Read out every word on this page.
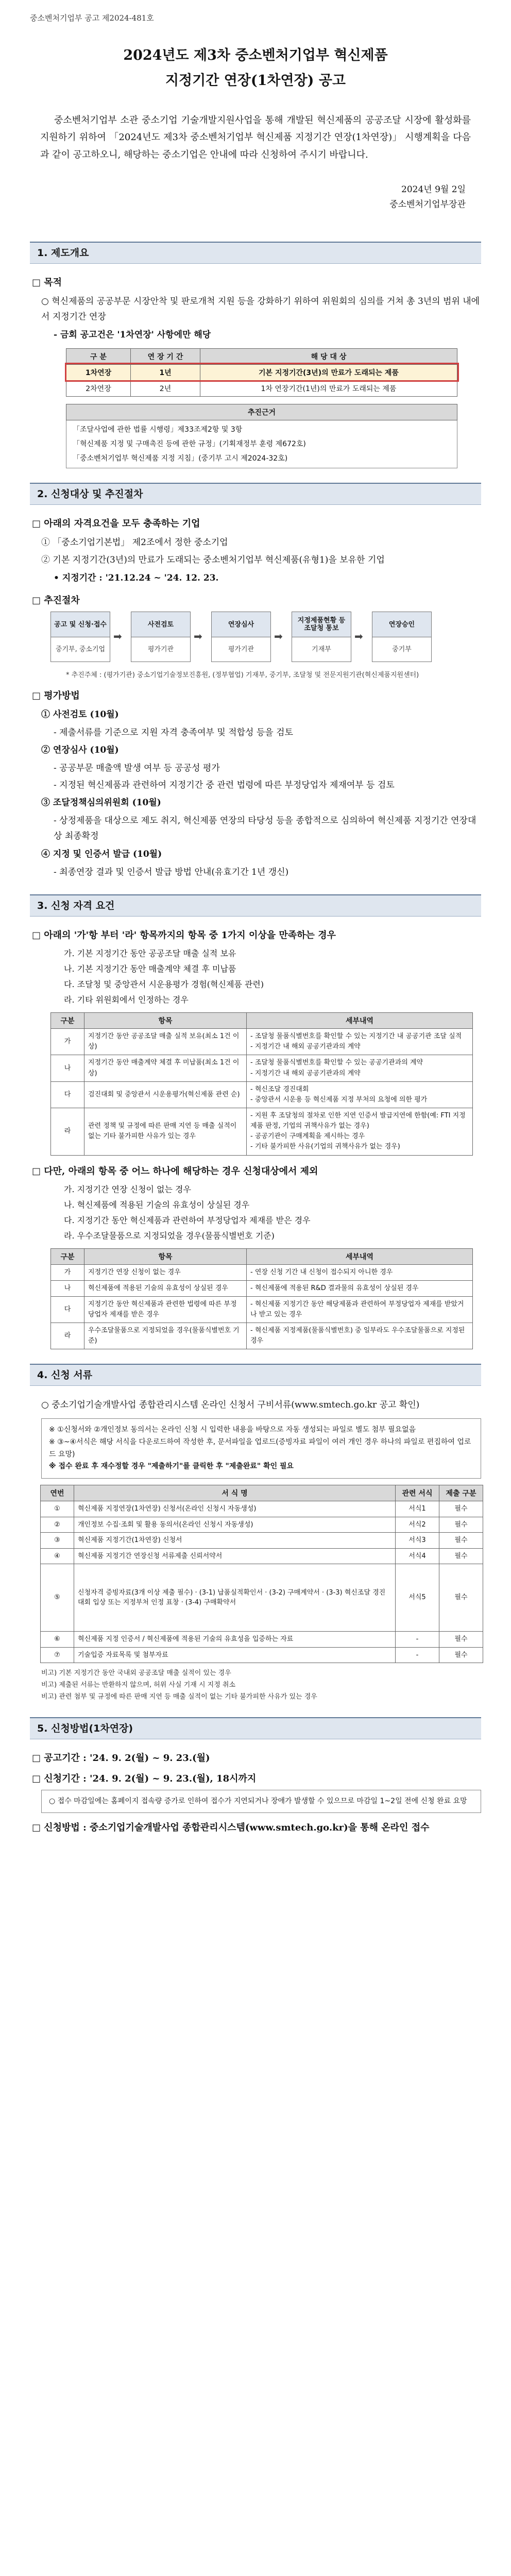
중소벤처기업부 공고 제2024-481호
2024년도 제3차 중소벤처기업부 혁신제품
지정기간 연장(1차연장) 공고
중소벤처기업부 소관 중소기업 기술개발지원사업을 통해 개발된 혁신제품의 공공조달 시장에 활성화를 지원하기 위하여 「2024년도 제3차 중소벤처기업부 혁신제품 지정기간 연장(1차연장)」 시행계획을 다음과 같이 공고하오니, 해당하는 중소기업은 안내에 따라 신청하여 주시기 바랍니다.
2024년 9월 2일
중소벤처기업부장관
1. 제도개요
□ 목적
○ 혁신제품의 공공부문 시장안착 및 판로개척 지원 등을 강화하기 위하여 위원회의 심의를 거쳐 총 3년의 범위 내에서 지정기간 연장
- 금회 공고건은 '1차연장' 사항에만 해당
구 분	연 장 기 간	해 당 대 상
1차연장	1년	기본 지정기간(3년)의 만료가 도래되는 제품
2차연장	2년	1차 연장기간(1년)의 만료가 도래되는 제품
추진근거

「조달사업에 관한 법률 시행령」제33조제2항 및 3항
「혁신제품 지정 및 구매촉진 등에 관한 규정」(기획재정부 훈령 제672호)
「중소벤처기업부 혁신제품 지정 지침」(중기부 고시 제2024-32호)
2. 신청대상 및 추진절차
□ 아래의 자격요건을 모두 충족하는 기업
① 「중소기업기본법」 제2조에서 정한 중소기업
② 기본 지정기간(3년)의 만료가 도래되는 중소벤처기업부 혁신제품(유형1)을 보유한 기업
• 지정기간 : '21.12.24 ~ '24. 12. 23.
□ 추진절차
공고 및 신청·접수
중기부, 중소기업
➡
사전검토
평가기관
➡
연장심사
평가기관
➡
지정제품현황 등 조달청 통보
기재부
➡
연장승인
중기부
* 추진주체 : (평가기관) 중소기업기술정보진흥원, (정부협업) 기재부, 중기부, 조달청 및 전문지원기관(혁신제품지원센터)
□ 평가방법
① 사전검토 (10월)
- 제출서류를 기준으로 지원 자격 충족여부 및 적합성 등을 검토
② 연장심사 (10월)
- 공공부문 매출액 발생 여부 등 공공성 평가
- 지정된 혁신제품과 관련하여 지정기간 중 관련 법령에 따른 부정당업자 제재여부 등 검토
③ 조달정책심의위원회 (10월)
- 상정제품을 대상으로 제도 취지, 혁신제품 연장의 타당성 등을 종합적으로 심의하여 혁신제품 지정기간 연장대상 최종확정
④ 지정 및 인증서 발급 (10월)
- 최종연장 결과 및 인증서 발급 방법 안내(유효기간 1년 갱신)
3. 신청 자격 요건
□ 아래의 '가'항 부터 '라' 항목까지의 항목 중 1가지 이상을 만족하는 경우
가. 기본 지정기간 동안 공공조달 매출 실적 보유
나. 기본 지정기간 동안 매출계약 체결 후 미납품
다. 조달청 및 중앙관서 시운용평가 경험(혁신제품 관련)
라. 기타 위원회에서 인정하는 경우
구분	항목	세부내역
가	지정기간 동안 공공조달 매출 실적 보유(최소 1건 이상)	- 조달청 물품식별번호를 확인할 수 있는 지정기간 내 공공기관 조달 실적
- 지정기간 내 해외 공공기관과의 계약
나	지정기간 동안 매출계약 체결 후 미납품(최소 1건 이상)	- 조달청 물품식별번호를 확인할 수 있는 공공기관과의 계약
- 지정기간 내 해외 공공기관과의 계약
다	검진대회 및 중앙관서 시운용평가(혁신제품 관련 순)	- 혁신조달 경진대회
- 중앙관서 시운용 등 혁신제품 지정 부처의 요청에 의한 평가
라	관련 정책 및 규정에 따른 판매 지연 등 매출 실적이 없는 기타 불가피한 사유가 있는 경우	- 지원 후 조달청의 절차로 인한 지연 인증서 발급지연에 한함(예: FTI 지정제품 판정, 기업의 귀책사유가 없는 경우)
- 공공기관이 구매계획을 제시하는 경우
- 기타 불가피한 사유(기업의 귀책사유가 없는 경우)
□ 다만, 아래의 항목 중 어느 하나에 해당하는 경우 신청대상에서 제외
가. 지정기간 연장 신청이 없는 경우
나. 혁신제품에 적용된 기술의 유효성이 상실된 경우
다. 지정기간 동안 혁신제품과 관련하여 부정당업자 제재를 받은 경우
라. 우수조달물품으로 지정되었을 경우(물품식별번호 기준)
구분	항목	세부내역
가	지정기간 연장 신청이 없는 경우	- 연장 신청 기간 내 신청이 접수되지 아니한 경우
나	혁신제품에 적용된 기술의 유효성이 상실된 경우	- 혁신제품에 적용된 R&D 결과물의 유효성이 상실된 경우
다	지정기간 동안 혁신제품과 관련한 법령에 따른 부정당업자 제재를 받은 경우	- 혁신제품 지정기간 동안 해당제품과 관련하여 부정당업자 제재를 받았거나 받고 있는 경우
라	우수조달물품으로 지정되었을 경우(물품식별번호 기준)	- 혁신제품 지정제품(물품식별번호) 중 일부라도 우수조달물품으로 지정된 경우
4. 신청 서류
○ 중소기업기술개발사업 종합관리시스템 온라인 신청서 구비서류(www.smtech.go.kr 공고 확인)
※ ①신청서와 ②개인정보 동의서는 온라인 신청 시 입력한 내용을 바탕으로 자동 생성되는 파일로 별도 첨부 필요없음
※ ③~④서식은 해당 서식을 다운로드하여 작성한 후, 문서파일을 업로드(증빙자료 파일이 여러 개인 경우 하나의 파일로 편집하여 업로드 요망)
※ 접수 완료 후 재수정할 경우 "제출하기"를 클릭한 후 "제출완료" 확인 필요
연번	서 식 명	관련 서식	제출 구분
①	혁신제품 지정연장(1차연장) 신청서(온라인 신청시 자동생성)	서식1	필수
②	개인정보 수집·조회 및 활용 동의서(온라인 신청시 자동생성)	서식2	필수
③	혁신제품 지정기간(1차연장) 신청서	서식3	필수
④	혁신제품 지정기간 연장신청 서류제출 신뢰서약서	서식4	필수
⑤	신청자격 증빙자료(3개 이상 제출 필수) · (3-1) 납품실적확인서 · (3-2) 구매계약서 · (3-3) 혁신조달 경진대회 입상 또는 지정부처 인정 표창 · (3-4) 구매확약서	서식5	필수
⑥	혁신제품 지정 인증서 / 혁신제품에 적용된 기술의 유효성을 입증하는 자료	-	필수
⑦	기술입증 자료목록 및 첨부자료	-	필수
비고) 기본 지정기간 동안 국내외 공공조달 매출 실적이 있는 경우
비고) 제출된 서류는 반환하지 않으며, 허위 사실 기재 시 지정 취소
비고) 관련 첨부 및 규정에 따른 판매 지연 등 매출 실적이 없는 기타 불가피한 사유가 있는 경우
5. 신청방법(1차연장)
□ 공고기간 : '24. 9. 2(월) ~ 9. 23.(월)
□ 신청기간 : '24. 9. 2(월) ~ 9. 23.(월), 18시까지
○ 접수 마감일에는 홈페이지 접속량 증가로 인하여 접수가 지연되거나 장애가 발생할 수 있으므로 마감일 1~2일 전에 신청 완료 요망
□ 신청방법 : 중소기업기술개발사업 종합관리시스템(www.smtech.go.kr)을 통해 온라인 접수
